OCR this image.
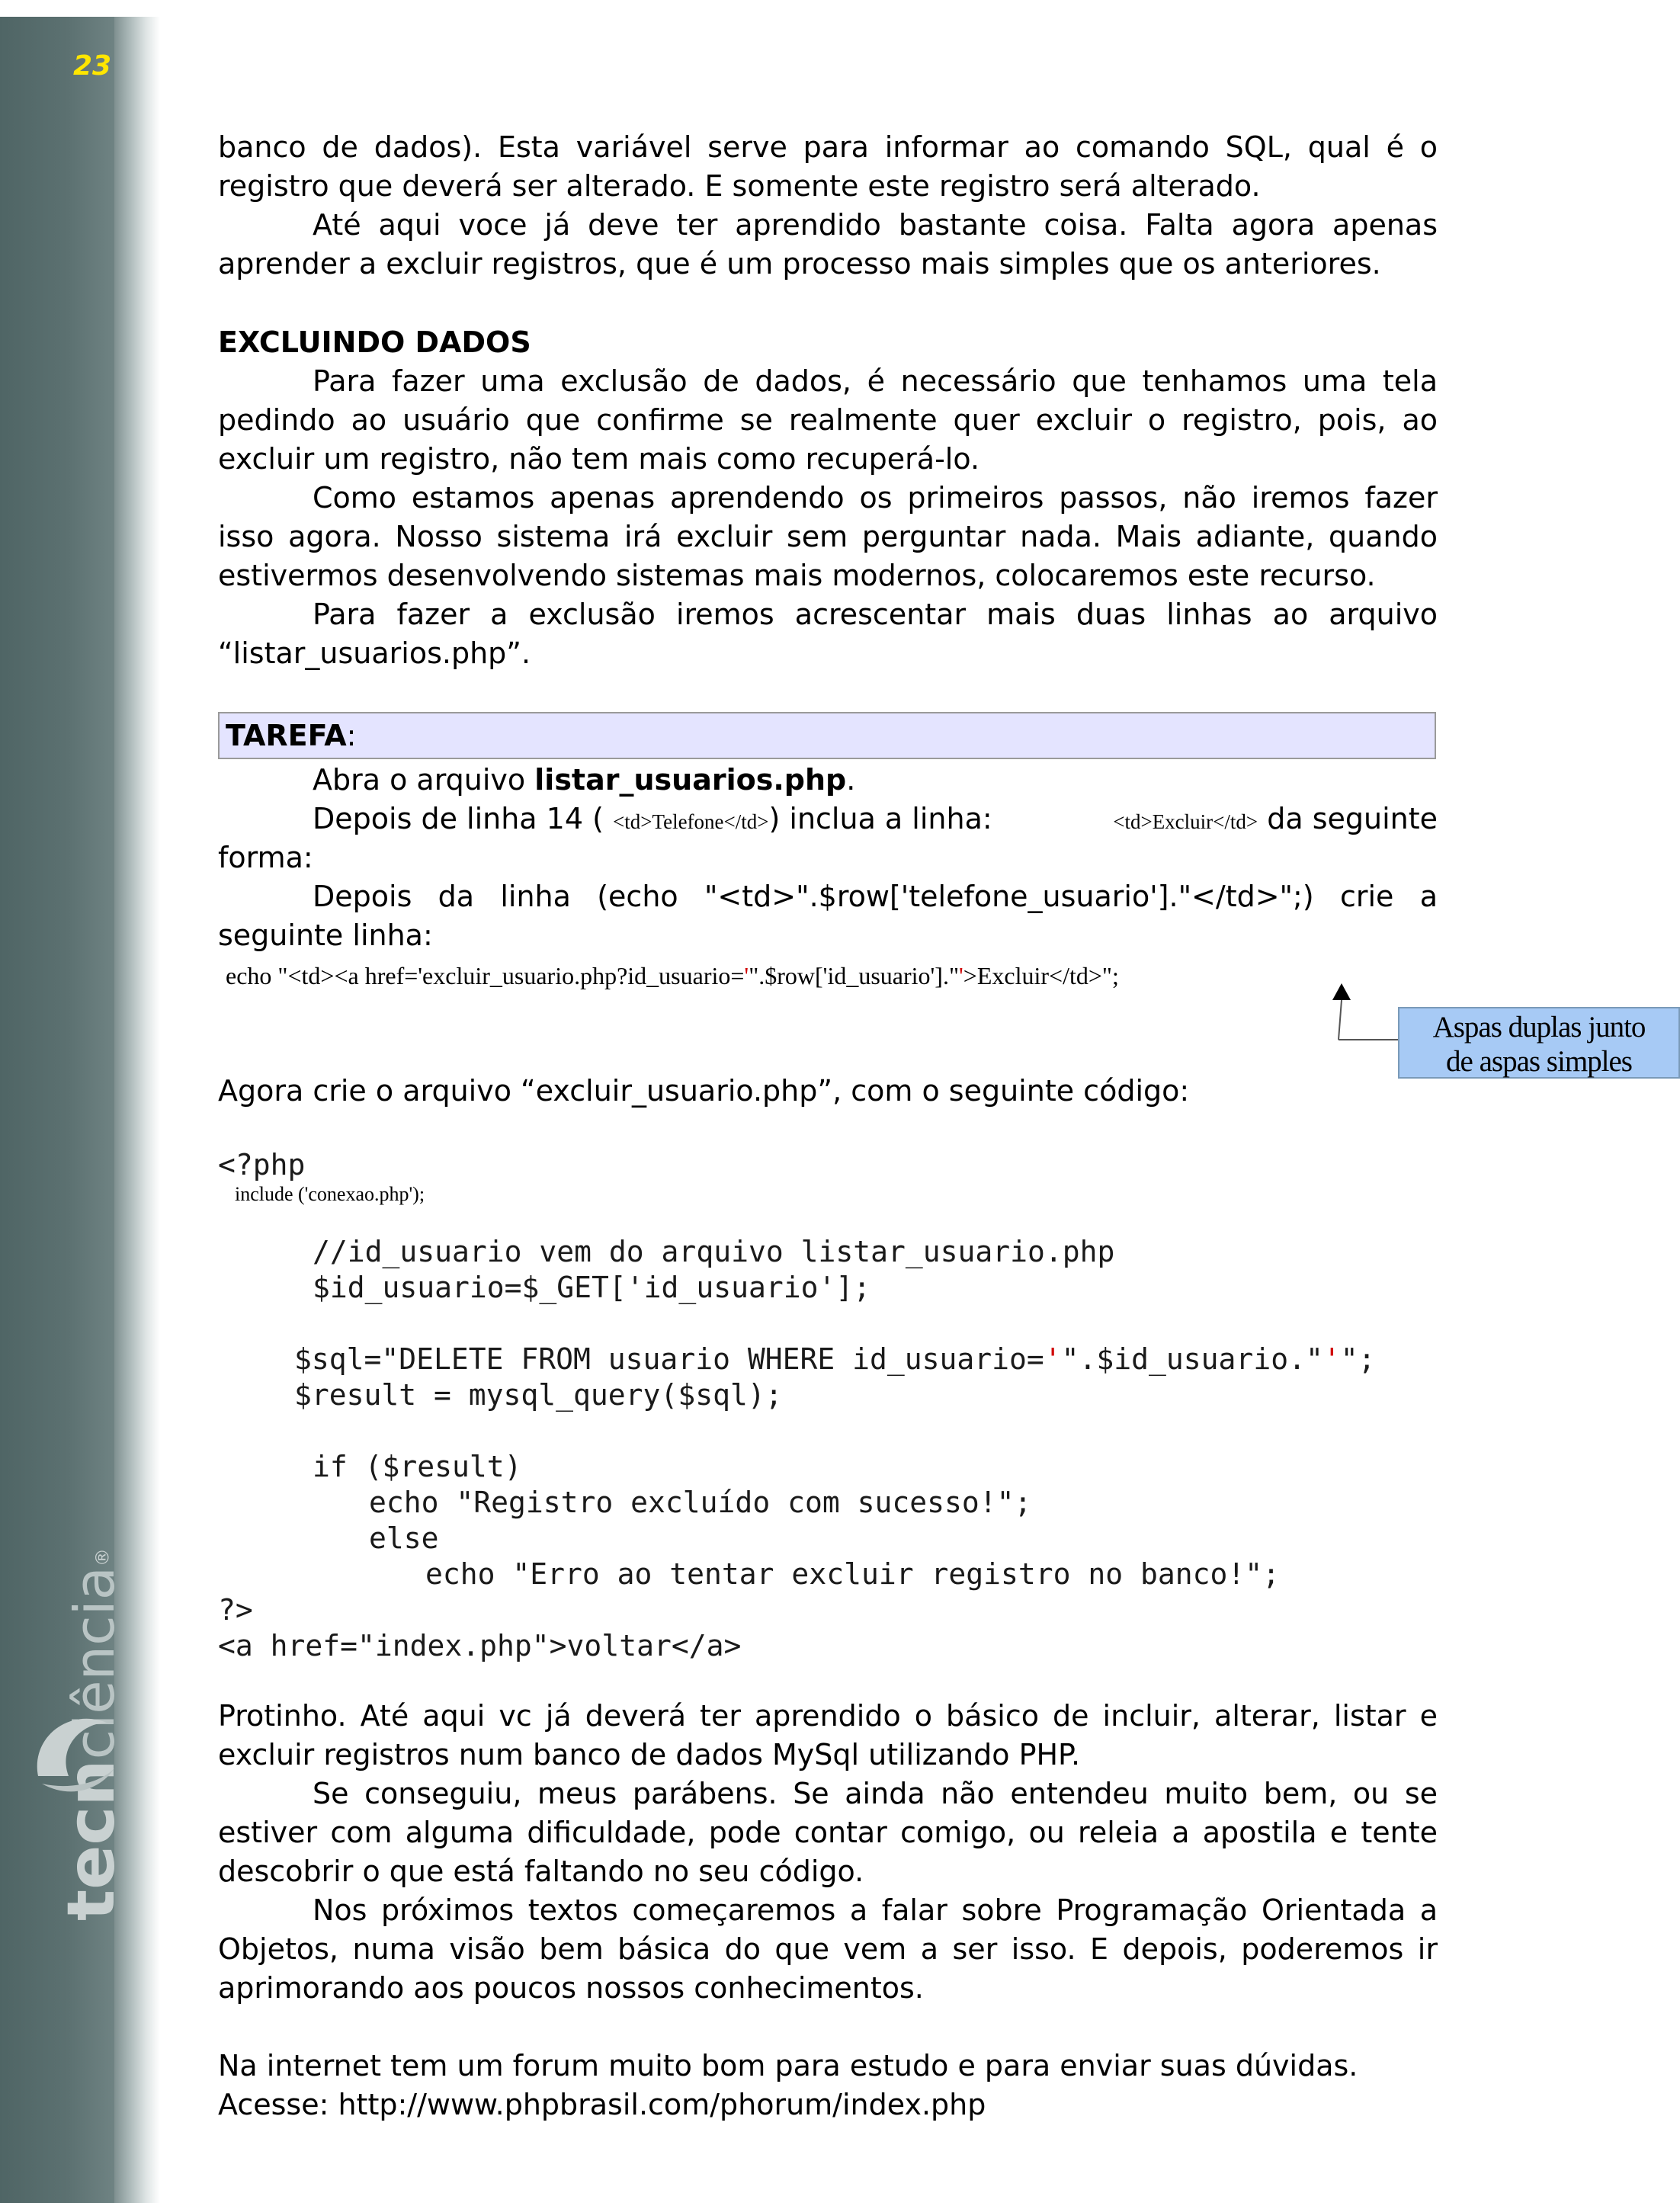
23
tecnciência®
banco de dados). Esta variável serve para informar ao comando SQL, qual é o
registro que deverá ser alterado. E somente este registro será alterado.
Até aqui voce já deve ter aprendido bastante coisa. Falta agora apenas
aprender a excluir registros, que é um processo mais simples que os anteriores.
EXCLUINDO DADOS
Para fazer uma exclusão de dados, é necessário que tenhamos uma tela
pedindo ao usuário que confirme se realmente quer excluir o registro, pois, ao
excluir um registro, não tem mais como recuperá-lo.
Como estamos apenas aprendendo os primeiros passos, não iremos fazer
isso agora. Nosso sistema irá excluir sem perguntar nada. Mais adiante, quando
estivermos desenvolvendo sistemas mais modernos, colocaremos este recurso.
Para fazer a exclusão iremos acrescentar mais duas linhas ao arquivo
“listar_usuarios.php”.
TAREFA:
Abra o arquivo listar_usuarios.php.
Depois de linha 14 ( <td>Telefone</td>) inclua a linha:	<td>Excluir</td> da seguinte
forma:
Depois da linha (echo "<td>".$row['telefone_usuario']."</td>";) crie a
seguinte linha:
echo "<td><a href='excluir_usuario.php?id_usuario='".$row['id_usuario']."'>Excluir</td>";
Aspas duplas junto
de aspas simples
Agora crie o arquivo “excluir_usuario.php”, com o seguinte código:
<?php
include ('conexao.php');
//id_usuario vem do arquivo listar_usuario.php
$id_usuario=$_GET['id_usuario'];
$sql="DELETE FROM usuario WHERE id_usuario='".$id_usuario."'";
$result = mysql_query($sql);
if ($result)
echo "Registro excluído com sucesso!";
else
echo "Erro ao tentar excluir registro no banco!";
?>
<a href="index.php">voltar</a>
Protinho. Até aqui vc já deverá ter aprendido o básico de incluir, alterar, listar e
excluir registros num banco de dados MySql utilizando PHP.
Se conseguiu, meus parábens. Se ainda não entendeu muito bem, ou se
estiver com alguma dificuldade, pode contar comigo, ou releia a apostila e tente
descobrir o que está faltando no seu código.
Nos próximos textos começaremos a falar sobre Programação Orientada a
Objetos, numa visão bem básica do que vem a ser isso. E depois, poderemos ir
aprimorando aos poucos nossos conhecimentos.
Na internet tem um forum muito bom para estudo e para enviar suas dúvidas.
Acesse: http://www.phpbrasil.com/phorum/index.php
